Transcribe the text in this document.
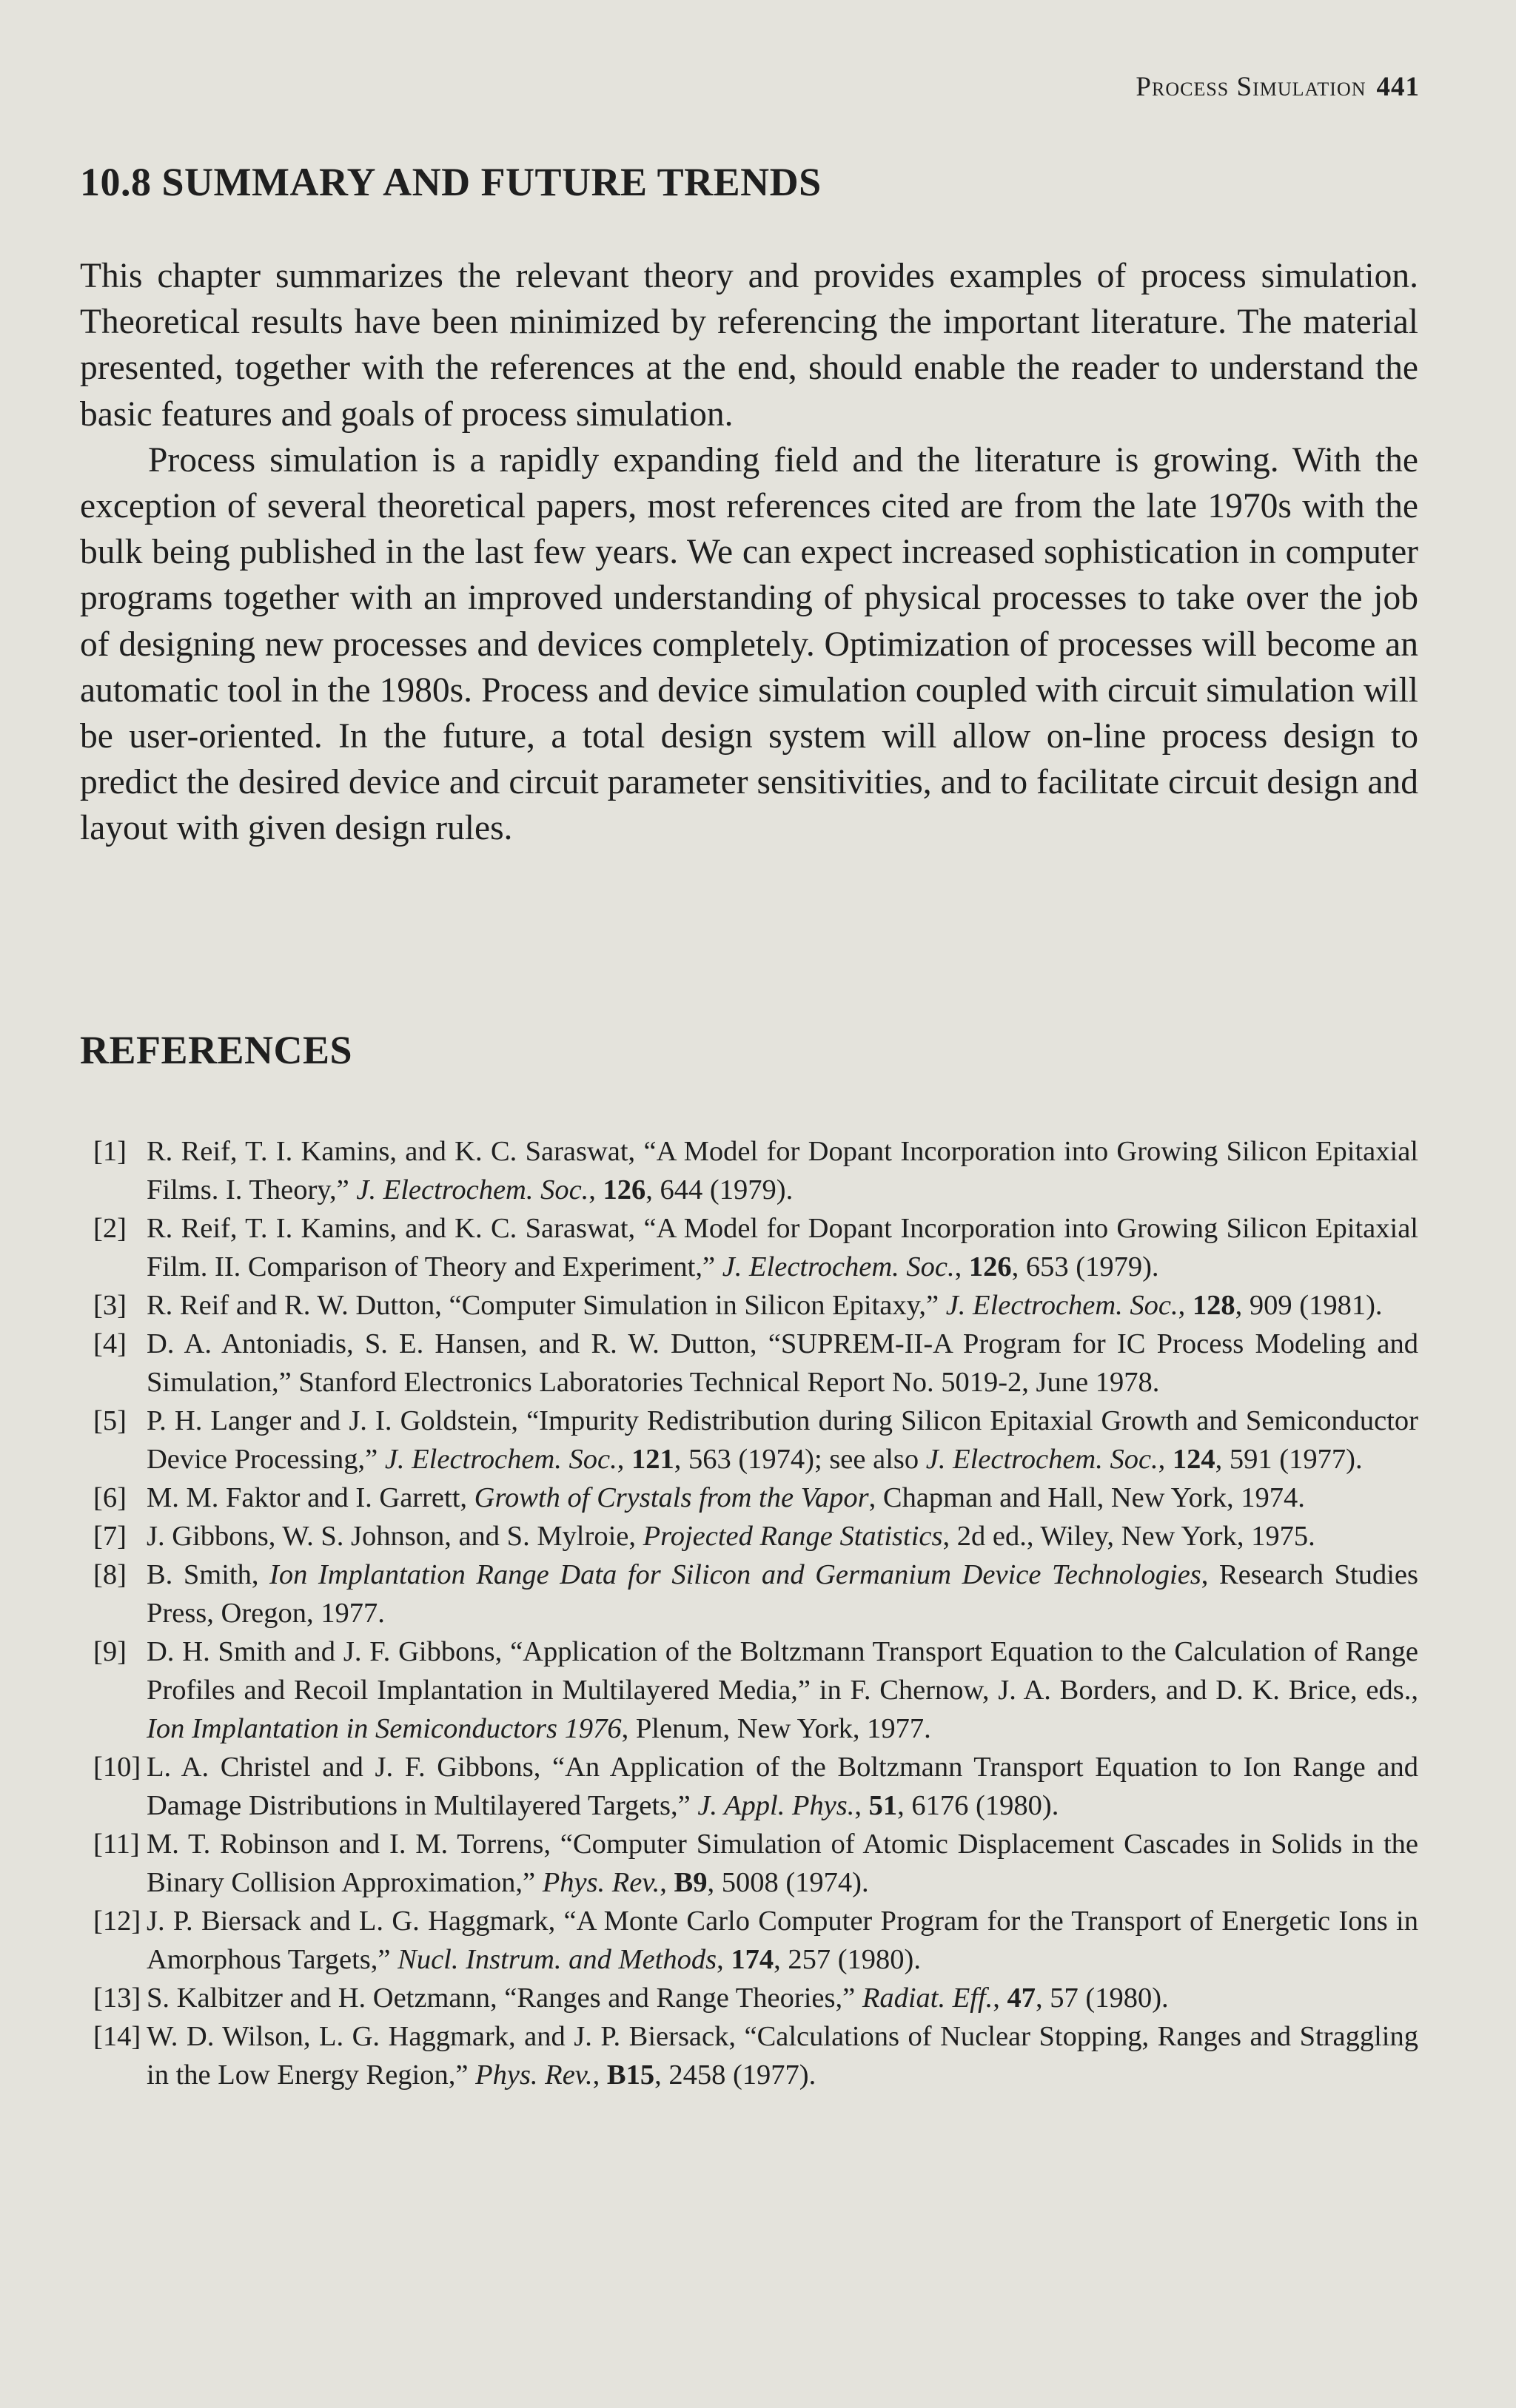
Process Simulation 441
10.8 SUMMARY AND FUTURE TRENDS

This chapter summarizes the relevant theory and provides examples of process simulation. Theoretical results have been minimized by referencing the important literature. The material presented, together with the references at the end, should enable the reader to understand the basic features and goals of process simulation.

Process simulation is a rapidly expanding field and the literature is growing. With the exception of several theoretical papers, most references cited are from the late 1970s with the bulk being published in the last few years. We can expect increased sophistication in computer programs together with an improved understanding of physical processes to take over the job of designing new processes and devices completely. Optimization of processes will become an automatic tool in the 1980s. Process and device simulation coupled with circuit simulation will be user-oriented. In the future, a total design system will allow on-line process design to predict the desired device and circuit parameter sensitivities, and to facilitate circuit design and layout with given design rules.

REFERENCES
[1] R. Reif, T. I. Kamins, and K. C. Saraswat, “A Model for Dopant Incorporation into Growing Silicon Epitaxial Films. I. Theory,” J. Electrochem. Soc., 126, 644 (1979).
[2] R. Reif, T. I. Kamins, and K. C. Saraswat, “A Model for Dopant Incorporation into Growing Silicon Epitaxial Film. II. Comparison of Theory and Experiment,” J. Electrochem. Soc., 126, 653 (1979).
[3] R. Reif and R. W. Dutton, “Computer Simulation in Silicon Epitaxy,” J. Electrochem. Soc., 128, 909 (1981).
[4] D. A. Antoniadis, S. E. Hansen, and R. W. Dutton, “SUPREM-II-A Program for IC Process Modeling and Simulation,” Stanford Electronics Laboratories Technical Report No. 5019-2, June 1978.
[5] P. H. Langer and J. I. Goldstein, “Impurity Redistribution during Silicon Epitaxial Growth and Semiconductor Device Processing,” J. Electrochem. Soc., 121, 563 (1974); see also J. Electrochem. Soc., 124, 591 (1977).
[6] M. M. Faktor and I. Garrett, Growth of Crystals from the Vapor, Chapman and Hall, New York, 1974.
[7] J. Gibbons, W. S. Johnson, and S. Mylroie, Projected Range Statistics, 2d ed., Wiley, New York, 1975.
[8] B. Smith, Ion Implantation Range Data for Silicon and Germanium Device Technologies, Research Studies Press, Oregon, 1977.
[9] D. H. Smith and J. F. Gibbons, “Application of the Boltzmann Transport Equation to the Calculation of Range Profiles and Recoil Implantation in Multilayered Media,” in F. Chernow, J. A. Borders, and D. K. Brice, eds., Ion Implantation in Semiconductors 1976, Plenum, New York, 1977.
[10] L. A. Christel and J. F. Gibbons, “An Application of the Boltzmann Transport Equation to Ion Range and Damage Distributions in Multilayered Targets,” J. Appl. Phys., 51, 6176 (1980).
[11] M. T. Robinson and I. M. Torrens, “Computer Simulation of Atomic Displacement Cascades in Solids in the Binary Collision Approximation,” Phys. Rev., B9, 5008 (1974).
[12] J. P. Biersack and L. G. Haggmark, “A Monte Carlo Computer Program for the Transport of Energetic Ions in Amorphous Targets,” Nucl. Instrum. and Methods, 174, 257 (1980).
[13] S. Kalbitzer and H. Oetzmann, “Ranges and Range Theories,” Radiat. Eff., 47, 57 (1980).
[14] W. D. Wilson, L. G. Haggmark, and J. P. Biersack, “Calculations of Nuclear Stopping, Ranges and Straggling in the Low Energy Region,” Phys. Rev., B15, 2458 (1977).
